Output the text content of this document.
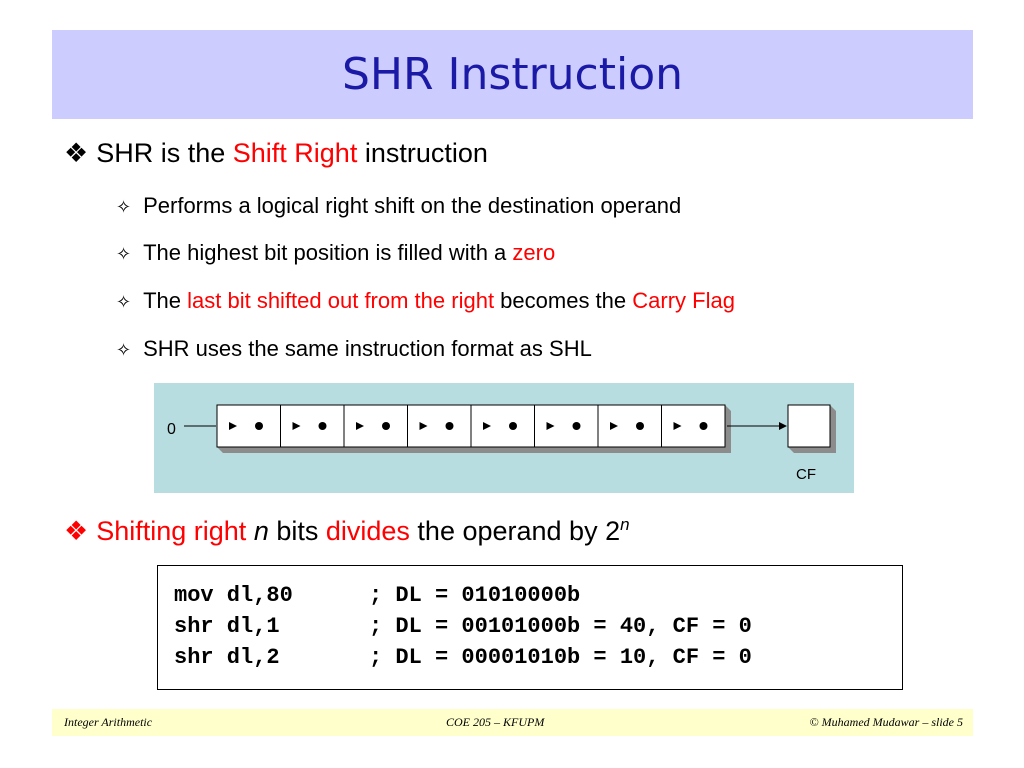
SHR Instruction
❖ SHR is the Shift Right instruction
✧ Performs a logical right shift on the destination operand
✧ The highest bit position is filled with a zero
✧ The last bit shifted out from the right becomes the Carry Flag
✧ SHR uses the same instruction format as SHL
0
CF
❖ Shifting right n bits divides the operand by 2$^n$
mov dl,80	; DL = 01010000b
shr dl,1	; DL = 00101000b = 40, CF = 0
shr dl,2	; DL = 00001010b = 10, CF = 0
Integer Arithmetic	COE 205 – KFUPM	© Muhamed Mudawar – slide 5
